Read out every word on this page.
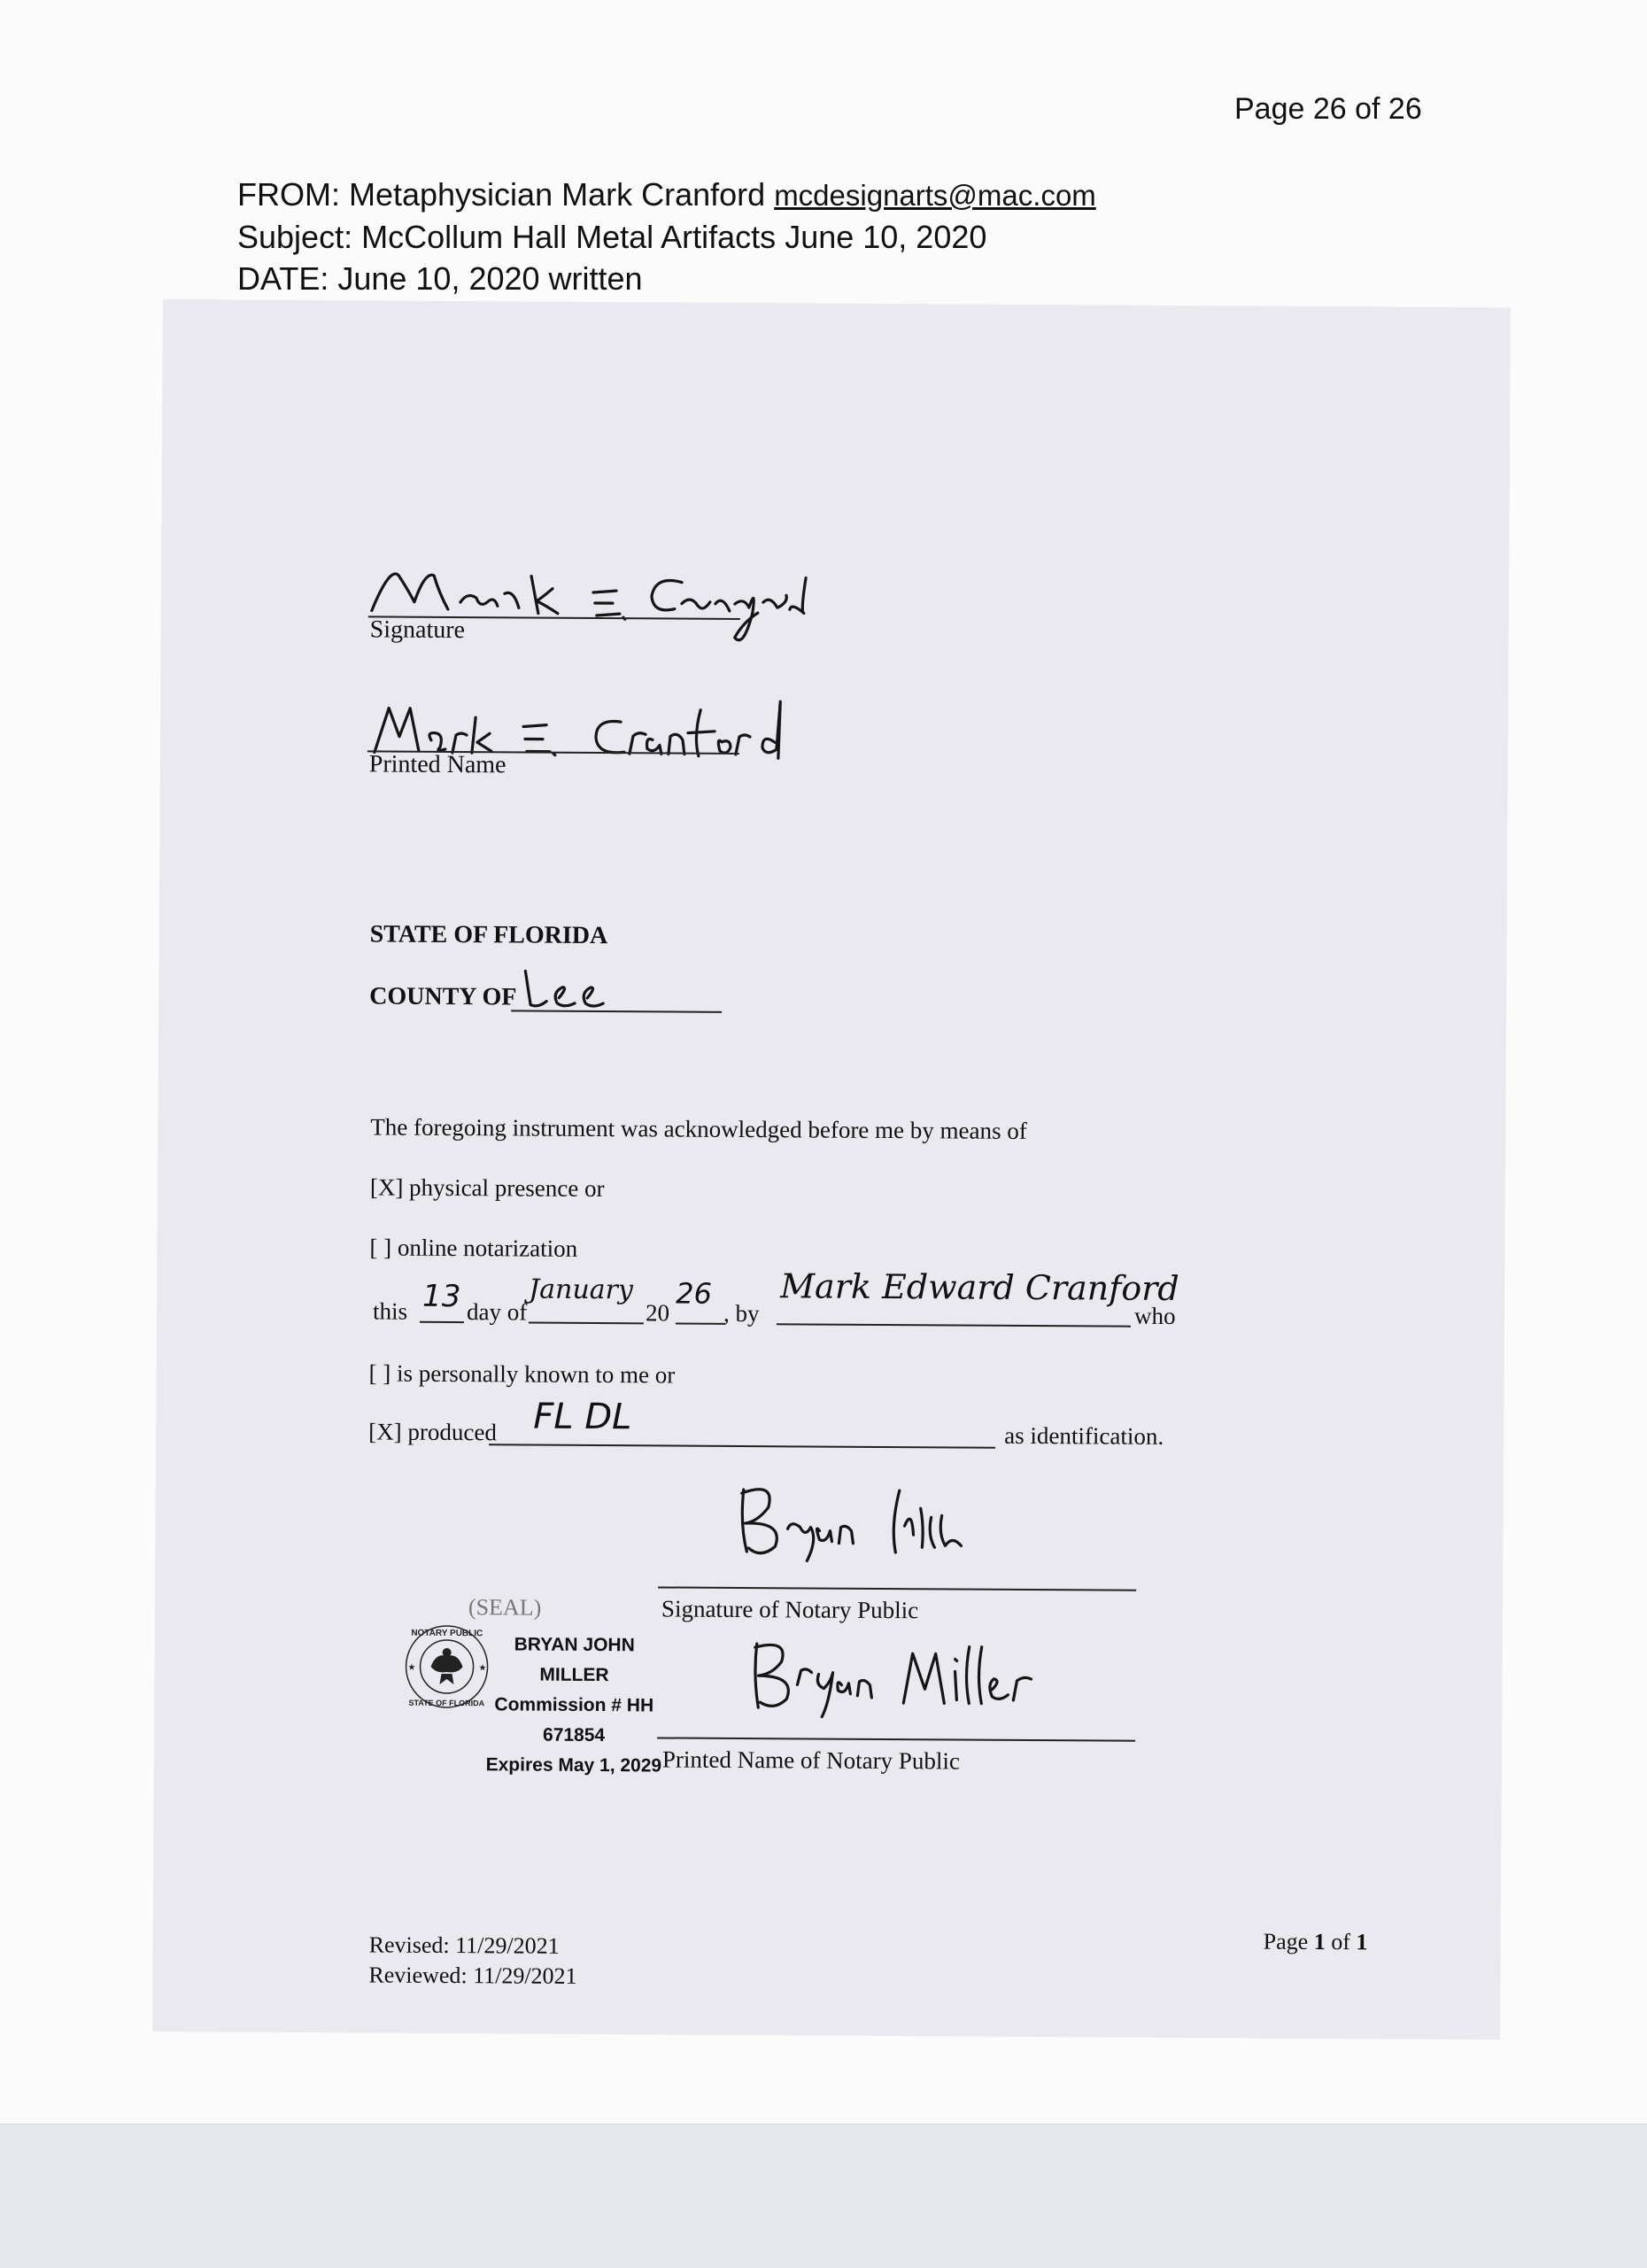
Page 26 of 26
FROM: Metaphysician Mark Cranford mcdesignarts@mac.com
Subject: McCollum Hall Metal Artifacts June 10, 2020
DATE: June 10, 2020 written
Signature
Printed Name
STATE OF FLORIDA
COUNTY OF
The foregoing instrument was acknowledged before me by means of
[X] physical presence or
[ ] online notarization
this 13 day of
January
20
26
, by
Mark Edward Cranford
who
[ ] is personally known to me or
[X] produced FL DL	as identification.
Signature of Notary Public
Printed Name of Notary Public
(SEAL)
NOTARY PUBLIC
STATE OF FLORIDA
★	★
BRYAN JOHN MILLER
Commission # HH 671854
Expires May 1, 2029
Revised: 11/29/2021
Reviewed: 11/29/2021
Page 1 of 1
